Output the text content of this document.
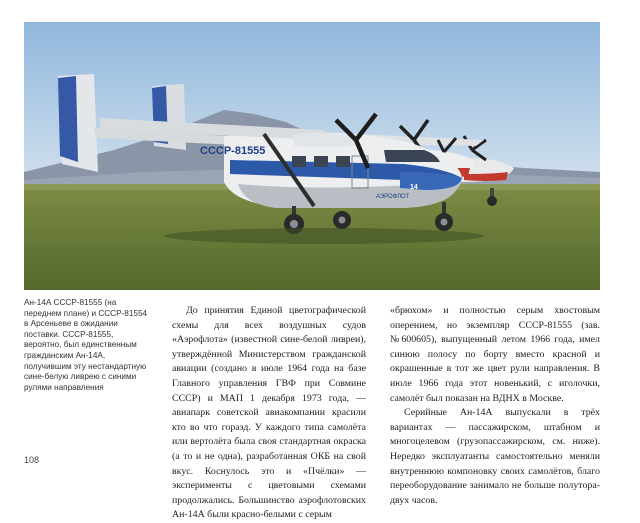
СССР-81555
14
АЭРОФЛОТ
Ан-14А СССР-81555 (на переднем плане) и СССР-81554 в Арсеньеве в ожидании поставки. СССР-81555, вероятно, был единственным гражданским Ан-14А, получившим эту нестандартную сине-белую ливрею с синими рулями направления

До принятия Единой цветографической схемы для всех воздушных судов «Аэрофлота» (известной сине-белой ливреи), утверждённой Министерством гражданской авиации (создано в июле 1964 года на базе Главного управления ГВФ при Совмине СССР) и МАП 1 декабря 1973 года, — авиапарк советской авиакомпании красили кто во что горазд. У каждого типа самолёта или вертолёта была своя стандартная окраска (а то и не одна), разработанная ОКБ на свой вкус. Коснулось это и «Пчёлки» — эксперименты с цветовыми схемами продолжались. Большинство аэрофлотовских Ан-14А были красно-белыми с серым

«брюхом» и полностью серым хвостовым оперением, но экземпляр СССР-81555 (зав. №600605), выпущенный летом 1966 года, имел синюю полосу по борту вместо красной и окрашенные в тот же цвет рули направления. В июле 1966 года этот новенький, с иголочки, самолёт был показан на ВДНХ в Москве.

Серийные Ан-14А выпускали в трёх вариантах — пассажирском, штабном и многоцелевом (грузопассажирском, см. ниже). Нередко эксплуатанты самостоятельно меняли внутреннюю компоновку своих самолётов, благо переоборудование занимало не больше полутора-двух часов.

108
